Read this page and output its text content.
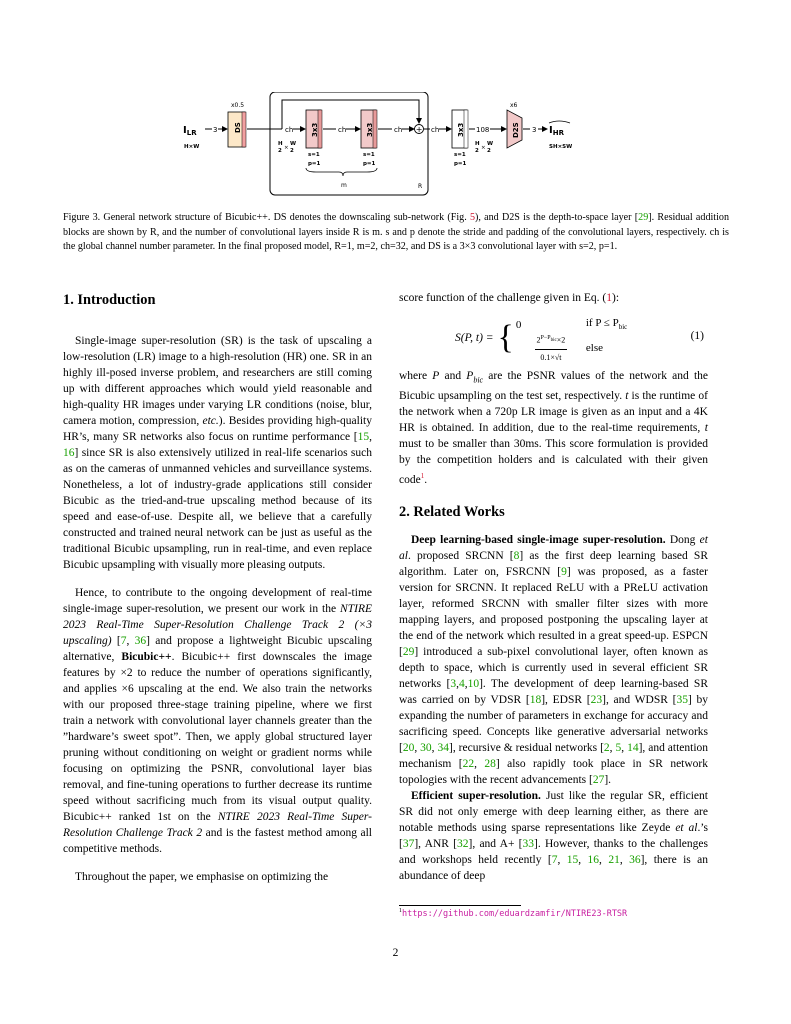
R
$I_{LR}$
H×W
3
x0.5
DS	ch
H
2 ×
W
2
3x3
s=1
p=1
ch	3x3
s=1
p=1
m
ch + ch	3x3
s=1
p=1
108
H
2 ×
W
2
x6
D2S 3 $I_{HR}$
SH×SW
Figure 3. General network structure of Bicubic++. DS denotes the downscaling sub-network (Fig. 5), and D2S is the depth-to-space layer [29]. Residual addition blocks are shown by R, and the number of convolutional layers inside R is m. s and p denote the stride and padding of the convolutional layers, respectively. ch is the global channel number parameter. In the final proposed model, R=1, m=2, ch=32, and DS is a 3×3 convolutional layer with s=2, p=1.
1. Introduction

Single-image super-resolution (SR) is the task of upscaling a low-resolution (LR) image to a high-resolution (HR) one. SR in an highly ill-posed inverse problem, and researchers are still coming up with different approaches which would yield reasonable and high-quality HR images under varying LR conditions (noise, blur, camera motion, compression, etc.). Besides providing high-quality HR’s, many SR networks also focus on runtime performance [15, 16] since SR is also extensively utilized in real-life scenarios such as on the cameras of unmanned vehicles and surveillance systems. Nonetheless, a lot of industry-grade applications still consider Bicubic as the tried-and-true upscaling method because of its speed and ease-of-use. Despite all, we believe that a carefully constructed and trained neural network can be just as useful as the traditional Bicubic upsampling, run in real-time, and even replace Bicubic upsampling with visually more pleasing outputs.

Hence, to contribute to the ongoing development of real-time single-image super-resolution, we present our work in the NTIRE 2023 Real-Time Super-Resolution Challenge Track 2 (×3 upscaling) [7, 36] and propose a lightweight Bicubic upscaling alternative, Bicubic++. Bicubic++ first downscales the image features by ×2 to reduce the number of operations significantly, and applies ×6 upscaling at the end. We also train the networks with our proposed three-stage training pipeline, where we first train a network with convolutional layer channels greater than the ”hardware’s sweet spot”. Then, we apply global structured layer pruning without conditioning on weight or gradient norms while focusing on optimizing the PSNR, convolutional layer bias removal, and fine-tuning operations to further decrease its runtime speed without sacrificing much from its visual output quality. Bicubic++ ranked 1st on the NTIRE 2023 Real-Time Super-Resolution Challenge Track 2 and is the fastest method among all competitive methods.

Throughout the paper, we emphasise on optimizing the

score function of the challenge given in Eq. (1):

S(P, t) = { 0	if $P \le P_{bic}$
$2^{P-P_{bic}}\times 2$
0.1×√t
else
(1)

where P and $P_{bic}$ are the PSNR values of the network and the Bicubic upsampling on the test set, respectively. t is the runtime of the network when a 720p LR image is given as an input and a 4K HR is obtained. In addition, due to the real-time requirements, t must to be smaller than 30ms. This score formulation is provided by the competition holders and is calculated with their given code$^1$.

2. Related Works

Deep learning-based single-image super-resolution. Dong et al. proposed SRCNN [8] as the first deep learning based SR algorithm. Later on, FSRCNN [9] was proposed, as a faster version for SRCNN. It replaced ReLU with a PReLU activation layer, reformed SRCNN with smaller filter sizes with more mapping layers, and proposed postponing the upscaling layer at the end of the network which resulted in a great speed-up. ESPCN [29] introduced a sub-pixel convolutional layer, often known as depth to space, which is currently used in several efficient SR networks [3,4,10]. The development of deep learning-based SR was carried on by VDSR [18], EDSR [23], and WDSR [35] by expanding the number of parameters in exchange for accuracy and sacrificing speed. Concepts like generative adversarial networks [20, 30, 34], recursive & residual networks [2, 5, 14], and attention mechanism [22, 28] also rapidly took place in SR network topologies with the recent advancements [27].

Efficient super-resolution. Just like the regular SR, efficient SR did not only emerge with deep learning either, as there are notable methods using sparse representations like Zeyde et al.’s [37], ANR [32], and A+ [33]. However, thanks to the challenges and workshops held recently [7, 15, 16, 21, 36], there is an abundance of deep

$^1$https://github.com/eduardzamfir/NTIRE23-RTSR
2
